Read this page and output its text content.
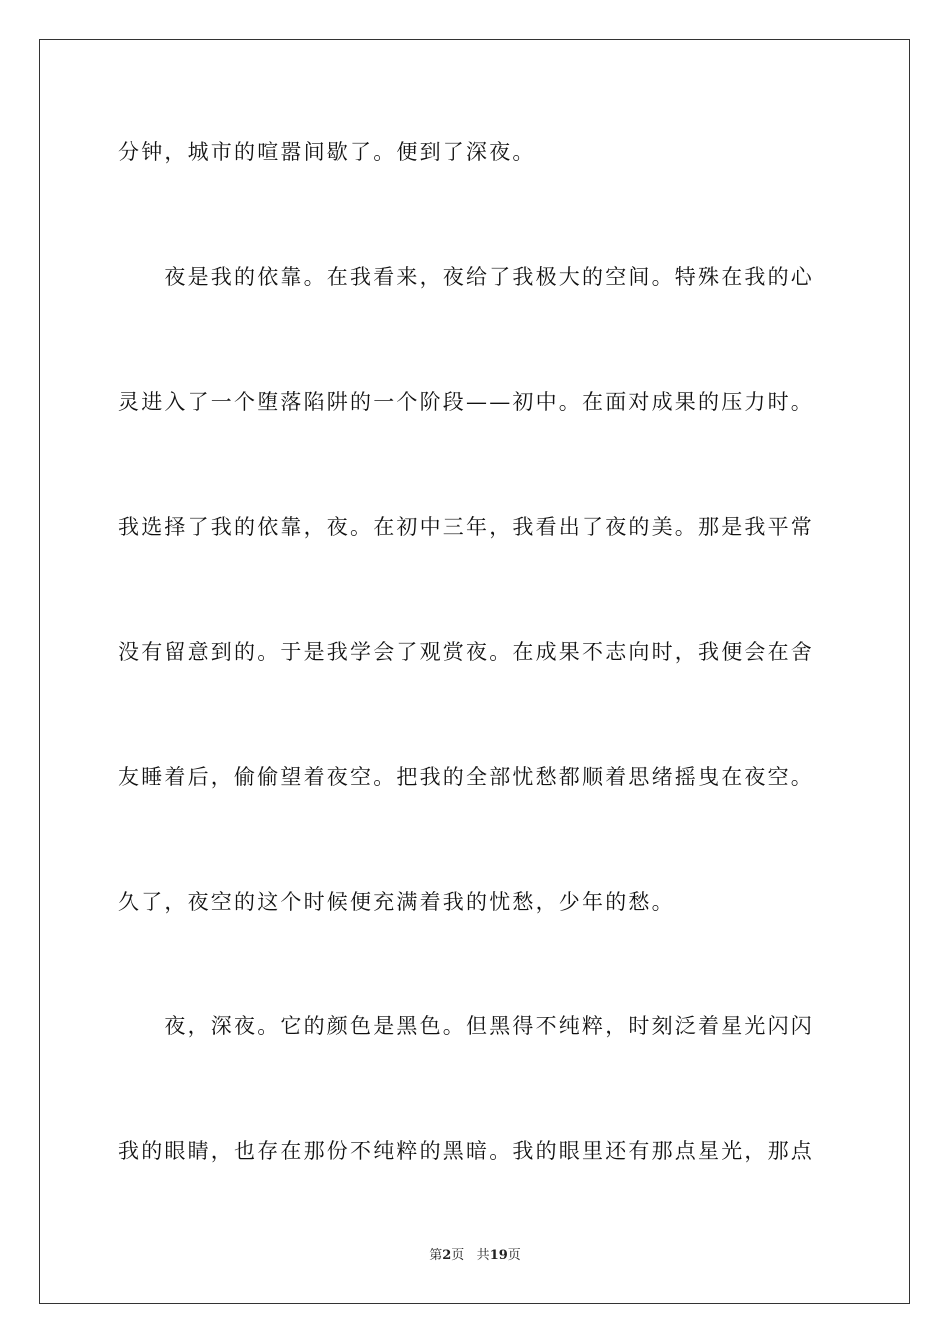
分钟，城市的喧嚣间歇了。便到了深夜。
　　夜是我的依靠。在我看来，夜给了我极大的空间。特殊在我的心
灵进入了一个堕落陷阱的一个阶段——初中。在面对成果的压力时。
我选择了我的依靠，夜。在初中三年，我看出了夜的美。那是我平常
没有留意到的。于是我学会了观赏夜。在成果不志向时，我便会在舍
友睡着后，偷偷望着夜空。把我的全部忧愁都顺着思绪摇曳在夜空。
久了，夜空的这个时候便充满着我的忧愁，少年的愁。
　　夜，深夜。它的颜色是黑色。但黑得不纯粹，时刻泛着星光闪闪
我的眼睛，也存在那份不纯粹的黑暗。我的眼里还有那点星光，那点
第2页 共19页
